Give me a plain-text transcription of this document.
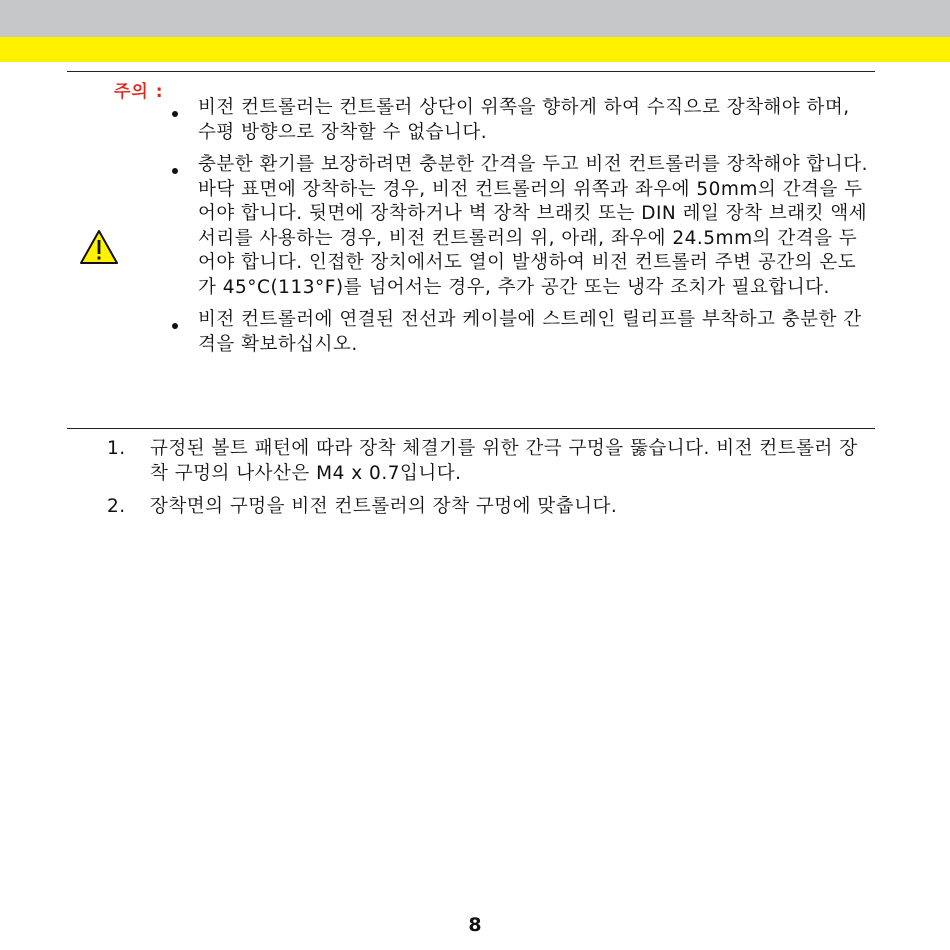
주의 :
비전 컨트롤러는 컨트롤러 상단이 위쪽을 향하게 하여 수직으로 장착해야 하며, 수평 방향으로 장착할 수 없습니다.
충분한 환기를 보장하려면 충분한 간격을 두고 비전 컨트롤러를 장착해야 합니다. 바닥 표면에 장착하는 경우, 비전 컨트롤러의 위쪽과 좌우에 50mm의 간격을 두어야 합니다. 뒷면에 장착하거나 벽 장착 브래킷 또는 DIN 레일 장착 브래킷 액세서리를 사용하는 경우, 비전 컨트롤러의 위, 아래, 좌우에 24.5mm의 간격을 두어야 합니다. 인접한 장치에서도 열이 발생하여 비전 컨트롤러 주변 공간의 온도가 45°C(113°F)를 넘어서는 경우, 추가 공간 또는 냉각 조치가 필요합니다.
비전 컨트롤러에 연결된 전선과 케이블에 스트레인 릴리프를 부착하고 충분한 간격을 확보하십시오.
1. 규정된 볼트 패턴에 따라 장착 체결기를 위한 간극 구멍을 뚫습니다. 비전 컨트롤러 장착 구멍의 나사산은 M4 x 0.7입니다.
2. 장착면의 구멍을 비전 컨트롤러의 장착 구멍에 맞춥니다.
8
